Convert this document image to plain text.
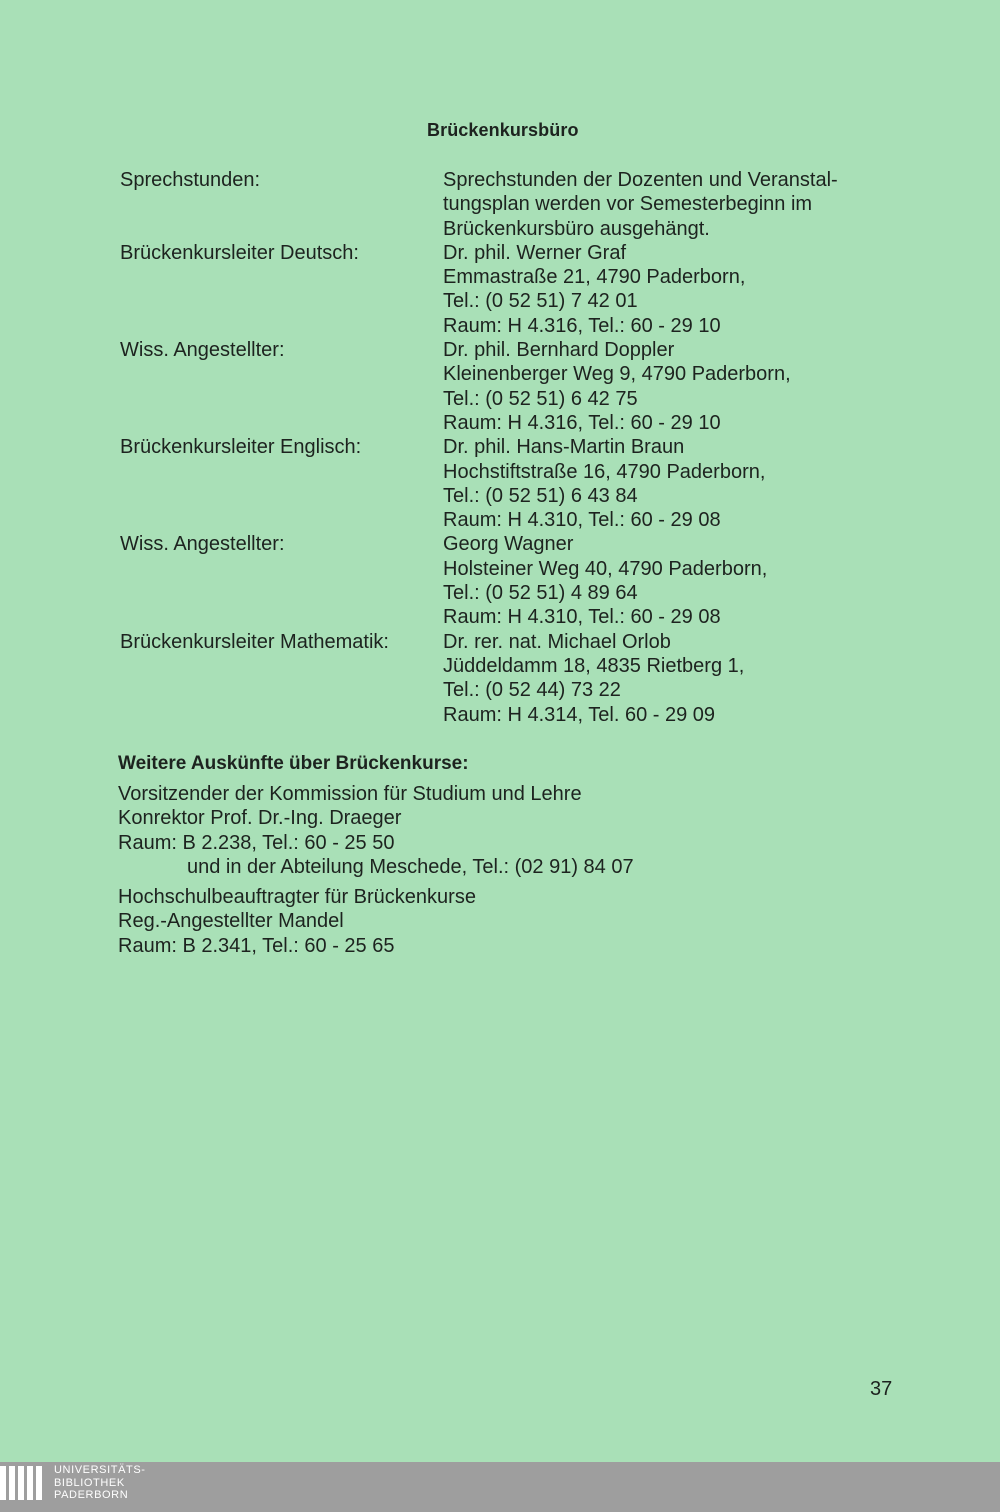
Brückenkursbüro
Sprechstunden:	Sprechstunden der Dozenten und Veranstal-
tungsplan werden vor Semesterbeginn im
Brückenkursbüro ausgehängt.
Brückenkursleiter Deutsch:	Dr. phil. Werner Graf
Emmastraße 21, 4790 Paderborn,
Tel.: (0 52 51) 7 42 01
Raum: H 4.316, Tel.: 60 - 29 10
Wiss. Angestellter:	Dr. phil. Bernhard Doppler
Kleinenberger Weg 9, 4790 Paderborn,
Tel.: (0 52 51) 6 42 75
Raum: H 4.316, Tel.: 60 - 29 10
Brückenkursleiter Englisch:	Dr. phil. Hans-Martin Braun
Hochstiftstraße 16, 4790 Paderborn,
Tel.: (0 52 51) 6 43 84
Raum: H 4.310, Tel.: 60 - 29 08
Wiss. Angestellter:	Georg Wagner
Holsteiner Weg 40, 4790 Paderborn,
Tel.: (0 52 51) 4 89 64
Raum: H 4.310, Tel.: 60 - 29 08
Brückenkursleiter Mathematik:	Dr. rer. nat. Michael Orlob
Jüddeldamm 18, 4835 Rietberg 1,
Tel.: (0 52 44) 73 22
Raum: H 4.314, Tel. 60 - 29 09
Weitere Auskünfte über Brückenkurse:
Vorsitzender der Kommission für Studium und Lehre
Konrektor Prof. Dr.-Ing. Draeger
Raum: B 2.238, Tel.: 60 - 25 50
und in der Abteilung Meschede, Tel.: (02 91) 84 07
Hochschulbeauftragter für Brückenkurse
Reg.-Angestellter Mandel
Raum: B 2.341, Tel.: 60 - 25 65
37
UNIVERSITÄTS-
BIBLIOTHEK
PADERBORN
